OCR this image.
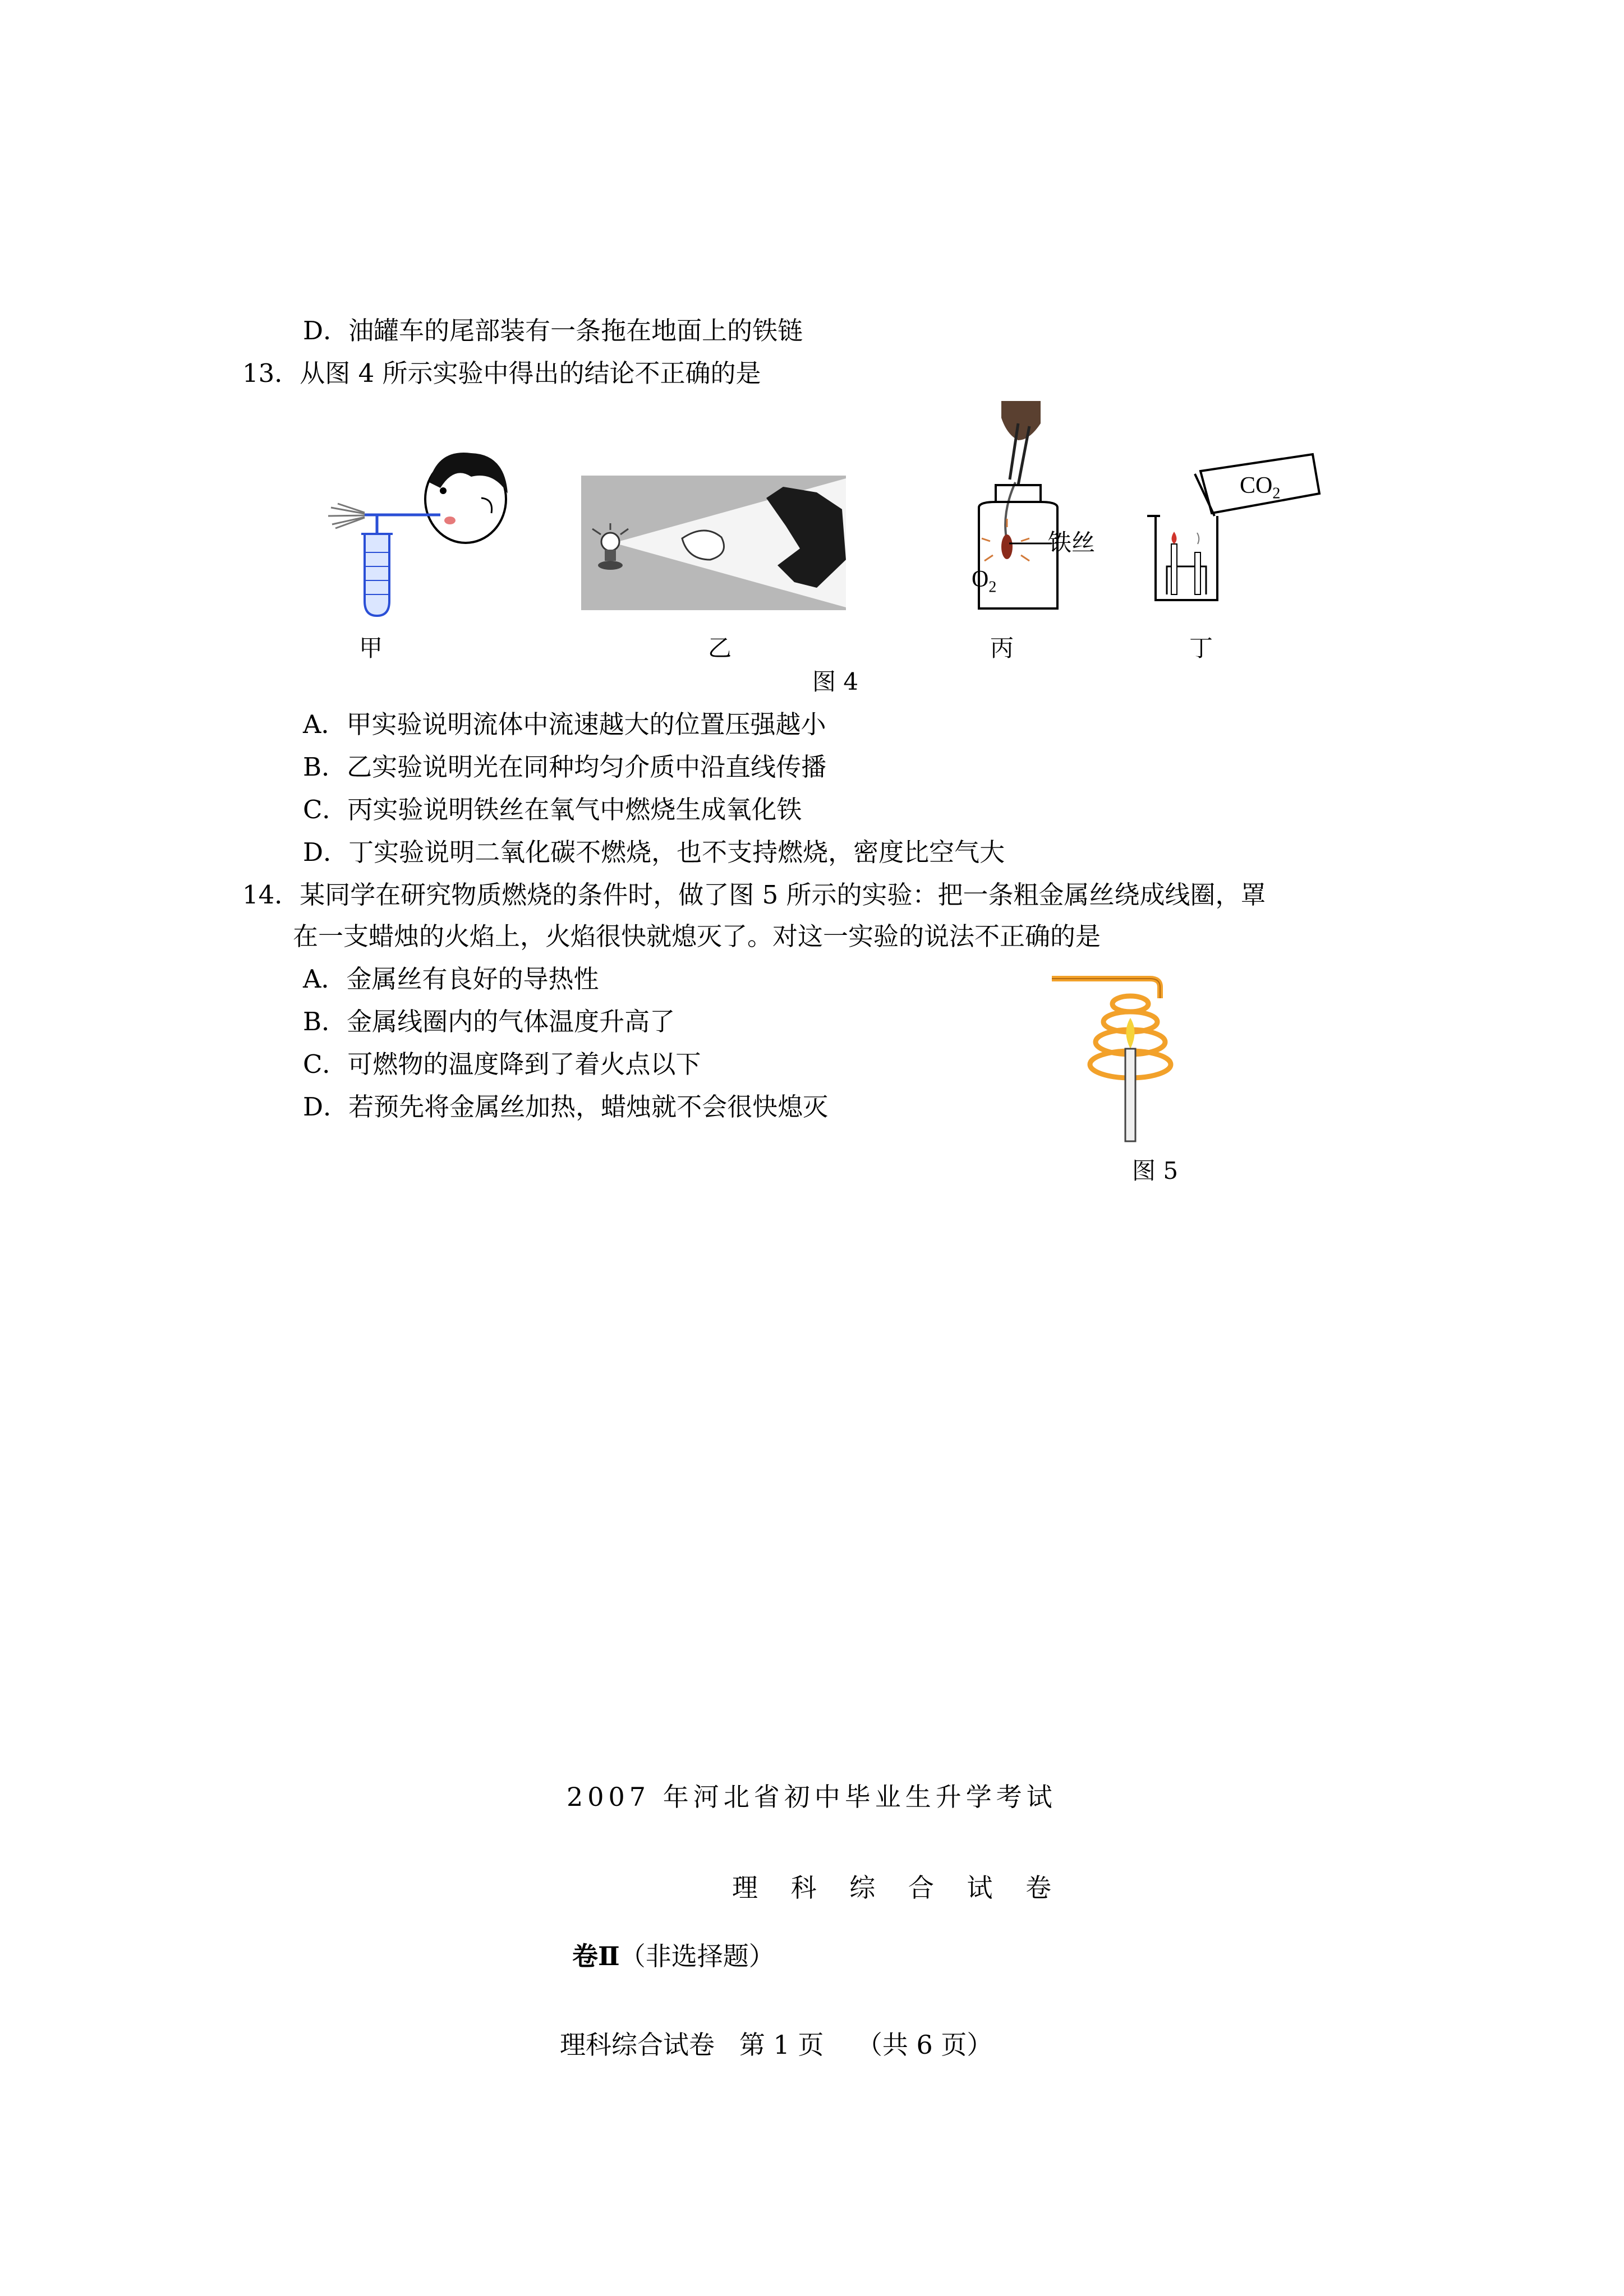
D．油罐车的尾部装有一条拖在地面上的铁链
13．从图 4 所示实验中得出的结论不正确的是
铁丝
$O_2$
$CO_2$
甲	乙	丙	丁
图 4
A．甲实验说明流体中流速越大的位置压强越小
B．乙实验说明光在同种均匀介质中沿直线传播
C．丙实验说明铁丝在氧气中燃烧生成氧化铁
D．丁实验说明二氧化碳不燃烧，也不支持燃烧，密度比空气大
14．某同学在研究物质燃烧的条件时，做了图 5 所示的实验：把一条粗金属丝绕成线圈，罩
在一支蜡烛的火焰上，火焰很快就熄灭了。对这一实验的说法不正确的是
A．金属丝有良好的导热性
B．金属线圈内的气体温度升高了
C．可燃物的温度降到了着火点以下
D．若预先将金属丝加热，蜡烛就不会很快熄灭
图 5
2007 年河北省初中毕业生升学考试
理 科 综 合 试 卷
卷Ⅱ（非选择题）
理科综合试卷   第 1 页    （共 6 页）
